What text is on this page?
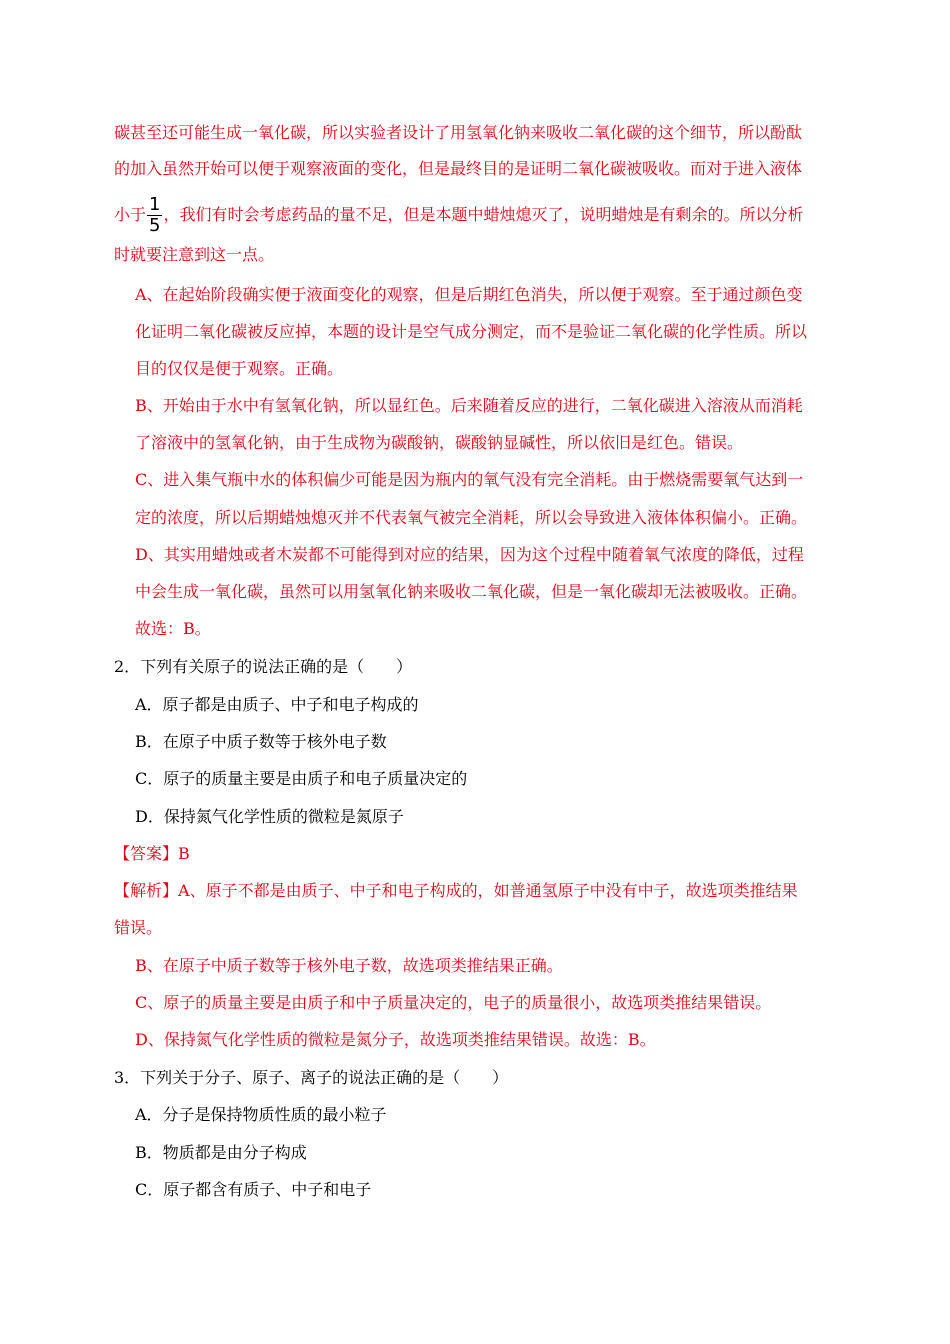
碳甚至还可能生成一氧化碳，所以实验者设计了用氢氧化钠来吸收二氧化碳的这个细节，所以酚酞
的加入虽然开始可以便于观察液面的变化，但是最终目的是证明二氧化碳被吸收。而对于进入液体
小于 $\frac{1}{5}$ ，我们有时会考虑药品的量不足，但是本题中蜡烛熄灭了，说明蜡烛是有剩余的。所以分析
时就要注意到这一点。
A、在起始阶段确实便于液面变化的观察，但是后期红色消失，所以便于观察。至于通过颜色变
化证明二氧化碳被反应掉，本题的设计是空气成分测定，而不是验证二氧化碳的化学性质。所以
目的仅仅是便于观察。正确。
B、开始由于水中有氢氧化钠，所以显红色。后来随着反应的进行，二氧化碳进入溶液从而消耗
了溶液中的氢氧化钠，由于生成物为碳酸钠，碳酸钠显碱性，所以依旧是红色。错误。
C、进入集气瓶中水的体积偏少可能是因为瓶内的氧气没有完全消耗。由于燃烧需要氧气达到一
定的浓度，所以后期蜡烛熄灭并不代表氧气被完全消耗，所以会导致进入液体体积偏小。正确。
D、其实用蜡烛或者木炭都不可能得到对应的结果，因为这个过程中随着氧气浓度的降低，过程
中会生成一氧化碳，虽然可以用氢氧化钠来吸收二氧化碳，但是一氧化碳却无法被吸收。正确。
故选：B。
2．下列有关原子的说法正确的是（　　）
A．原子都是由质子、中子和电子构成的
B．在原子中质子数等于核外电子数
C．原子的质量主要是由质子和电子质量决定的
D．保持氮气化学性质的微粒是氮原子
【答案】B
【解析】A、原子不都是由质子、中子和电子构成的，如普通氢原子中没有中子，故选项类推结果
错误。
B、在原子中质子数等于核外电子数，故选项类推结果正确。
C、原子的质量主要是由质子和中子质量决定的，电子的质量很小，故选项类推结果错误。
D、保持氮气化学性质的微粒是氮分子，故选项类推结果错误。故选：B。
3．下列关于分子、原子、离子的说法正确的是（　　）
A．分子是保持物质性质的最小粒子
B．物质都是由分子构成
C．原子都含有质子、中子和电子
